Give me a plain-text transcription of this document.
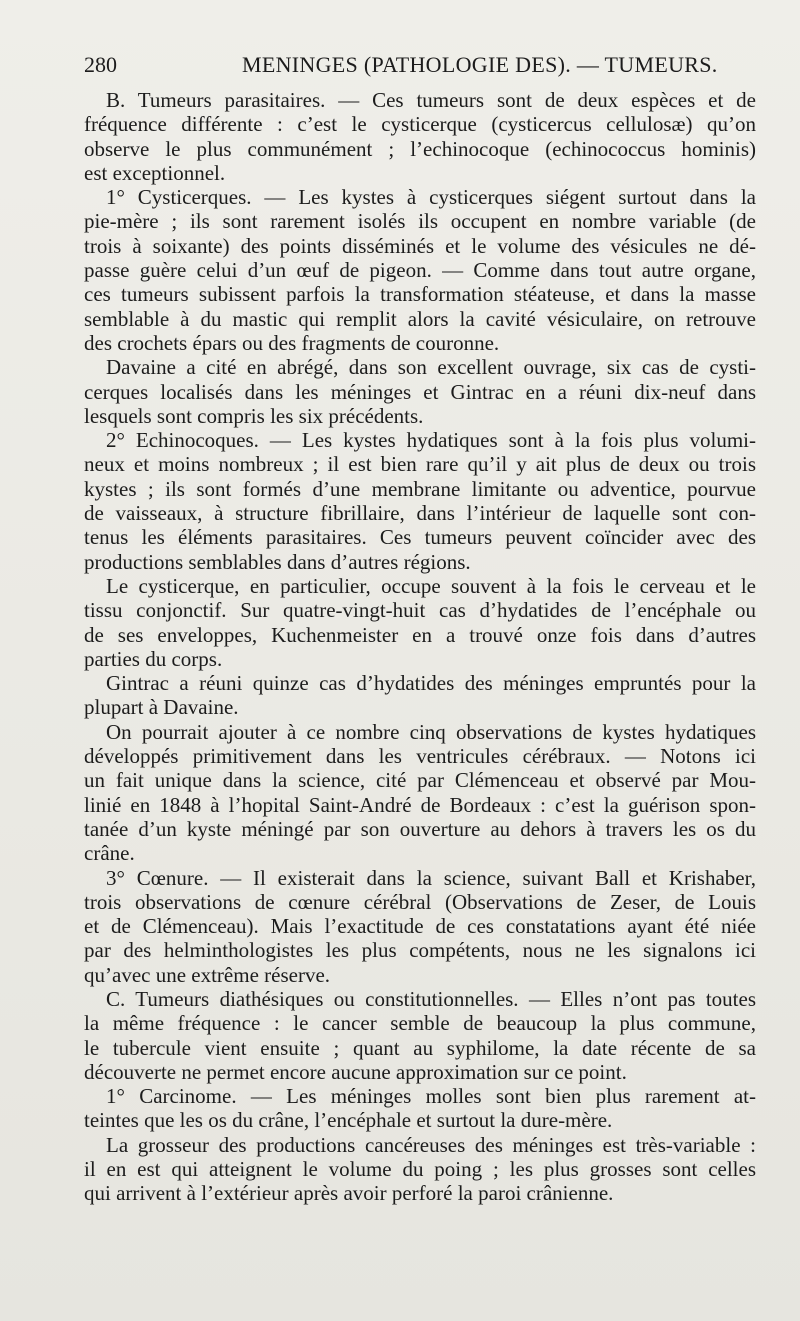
280	MENINGES (PATHOLOGIE DES). — TUMEURS.
B. Tumeurs parasitaires. — Ces tumeurs sont de deux espèces et de
fréquence différente : c’est le cysticerque (cysticercus cellulosæ) qu’on
observe le plus communément ; l’echinocoque (echinococcus hominis)
est exceptionnel.
1° Cysticerques. — Les kystes à cysticerques siégent surtout dans la
pie-mère ; ils sont rarement isolés ils occupent en nombre variable (de
trois à soixante) des points disséminés et le volume des vésicules ne dé-
passe guère celui d’un œuf de pigeon. — Comme dans tout autre organe,
ces tumeurs subissent parfois la transformation stéateuse, et dans la masse
semblable à du mastic qui remplit alors la cavité vésiculaire, on retrouve
des crochets épars ou des fragments de couronne.
Davaine a cité en abrégé, dans son excellent ouvrage, six cas de cysti-
cerques localisés dans les méninges et Gintrac en a réuni dix-neuf dans
lesquels sont compris les six précédents.
2° Echinocoques. — Les kystes hydatiques sont à la fois plus volumi-
neux et moins nombreux ; il est bien rare qu’il y ait plus de deux ou trois
kystes ; ils sont formés d’une membrane limitante ou adventice, pourvue
de vaisseaux, à structure fibrillaire, dans l’intérieur de laquelle sont con-
tenus les éléments parasitaires. Ces tumeurs peuvent coïncider avec des
productions semblables dans d’autres régions.
Le cysticerque, en particulier, occupe souvent à la fois le cerveau et le
tissu conjonctif. Sur quatre-vingt-huit cas d’hydatides de l’encéphale ou
de ses enveloppes, Kuchenmeister en a trouvé onze fois dans d’autres
parties du corps.
Gintrac a réuni quinze cas d’hydatides des méninges empruntés pour la
plupart à Davaine.
On pourrait ajouter à ce nombre cinq observations de kystes hydatiques
développés primitivement dans les ventricules cérébraux. — Notons ici
un fait unique dans la science, cité par Clémenceau et observé par Mou-
linié en 1848 à l’hopital Saint-André de Bordeaux : c’est la guérison spon-
tanée d’un kyste méningé par son ouverture au dehors à travers les os du
crâne.
3° Cœnure. — Il existerait dans la science, suivant Ball et Krishaber,
trois observations de cœnure cérébral (Observations de Zeser, de Louis
et de Clémenceau). Mais l’exactitude de ces constatations ayant été niée
par des helminthologistes les plus compétents, nous ne les signalons ici
qu’avec une extrême réserve.
C. Tumeurs diathésiques ou constitutionnelles. — Elles n’ont pas toutes
la même fréquence : le cancer semble de beaucoup la plus commune,
le tubercule vient ensuite ; quant au syphilome, la date récente de sa
découverte ne permet encore aucune approximation sur ce point.
1° Carcinome. — Les méninges molles sont bien plus rarement at-
teintes que les os du crâne, l’encéphale et surtout la dure-mère.
La grosseur des productions cancéreuses des méninges est très-variable :
il en est qui atteignent le volume du poing ; les plus grosses sont celles
qui arrivent à l’extérieur après avoir perforé la paroi crânienne.
